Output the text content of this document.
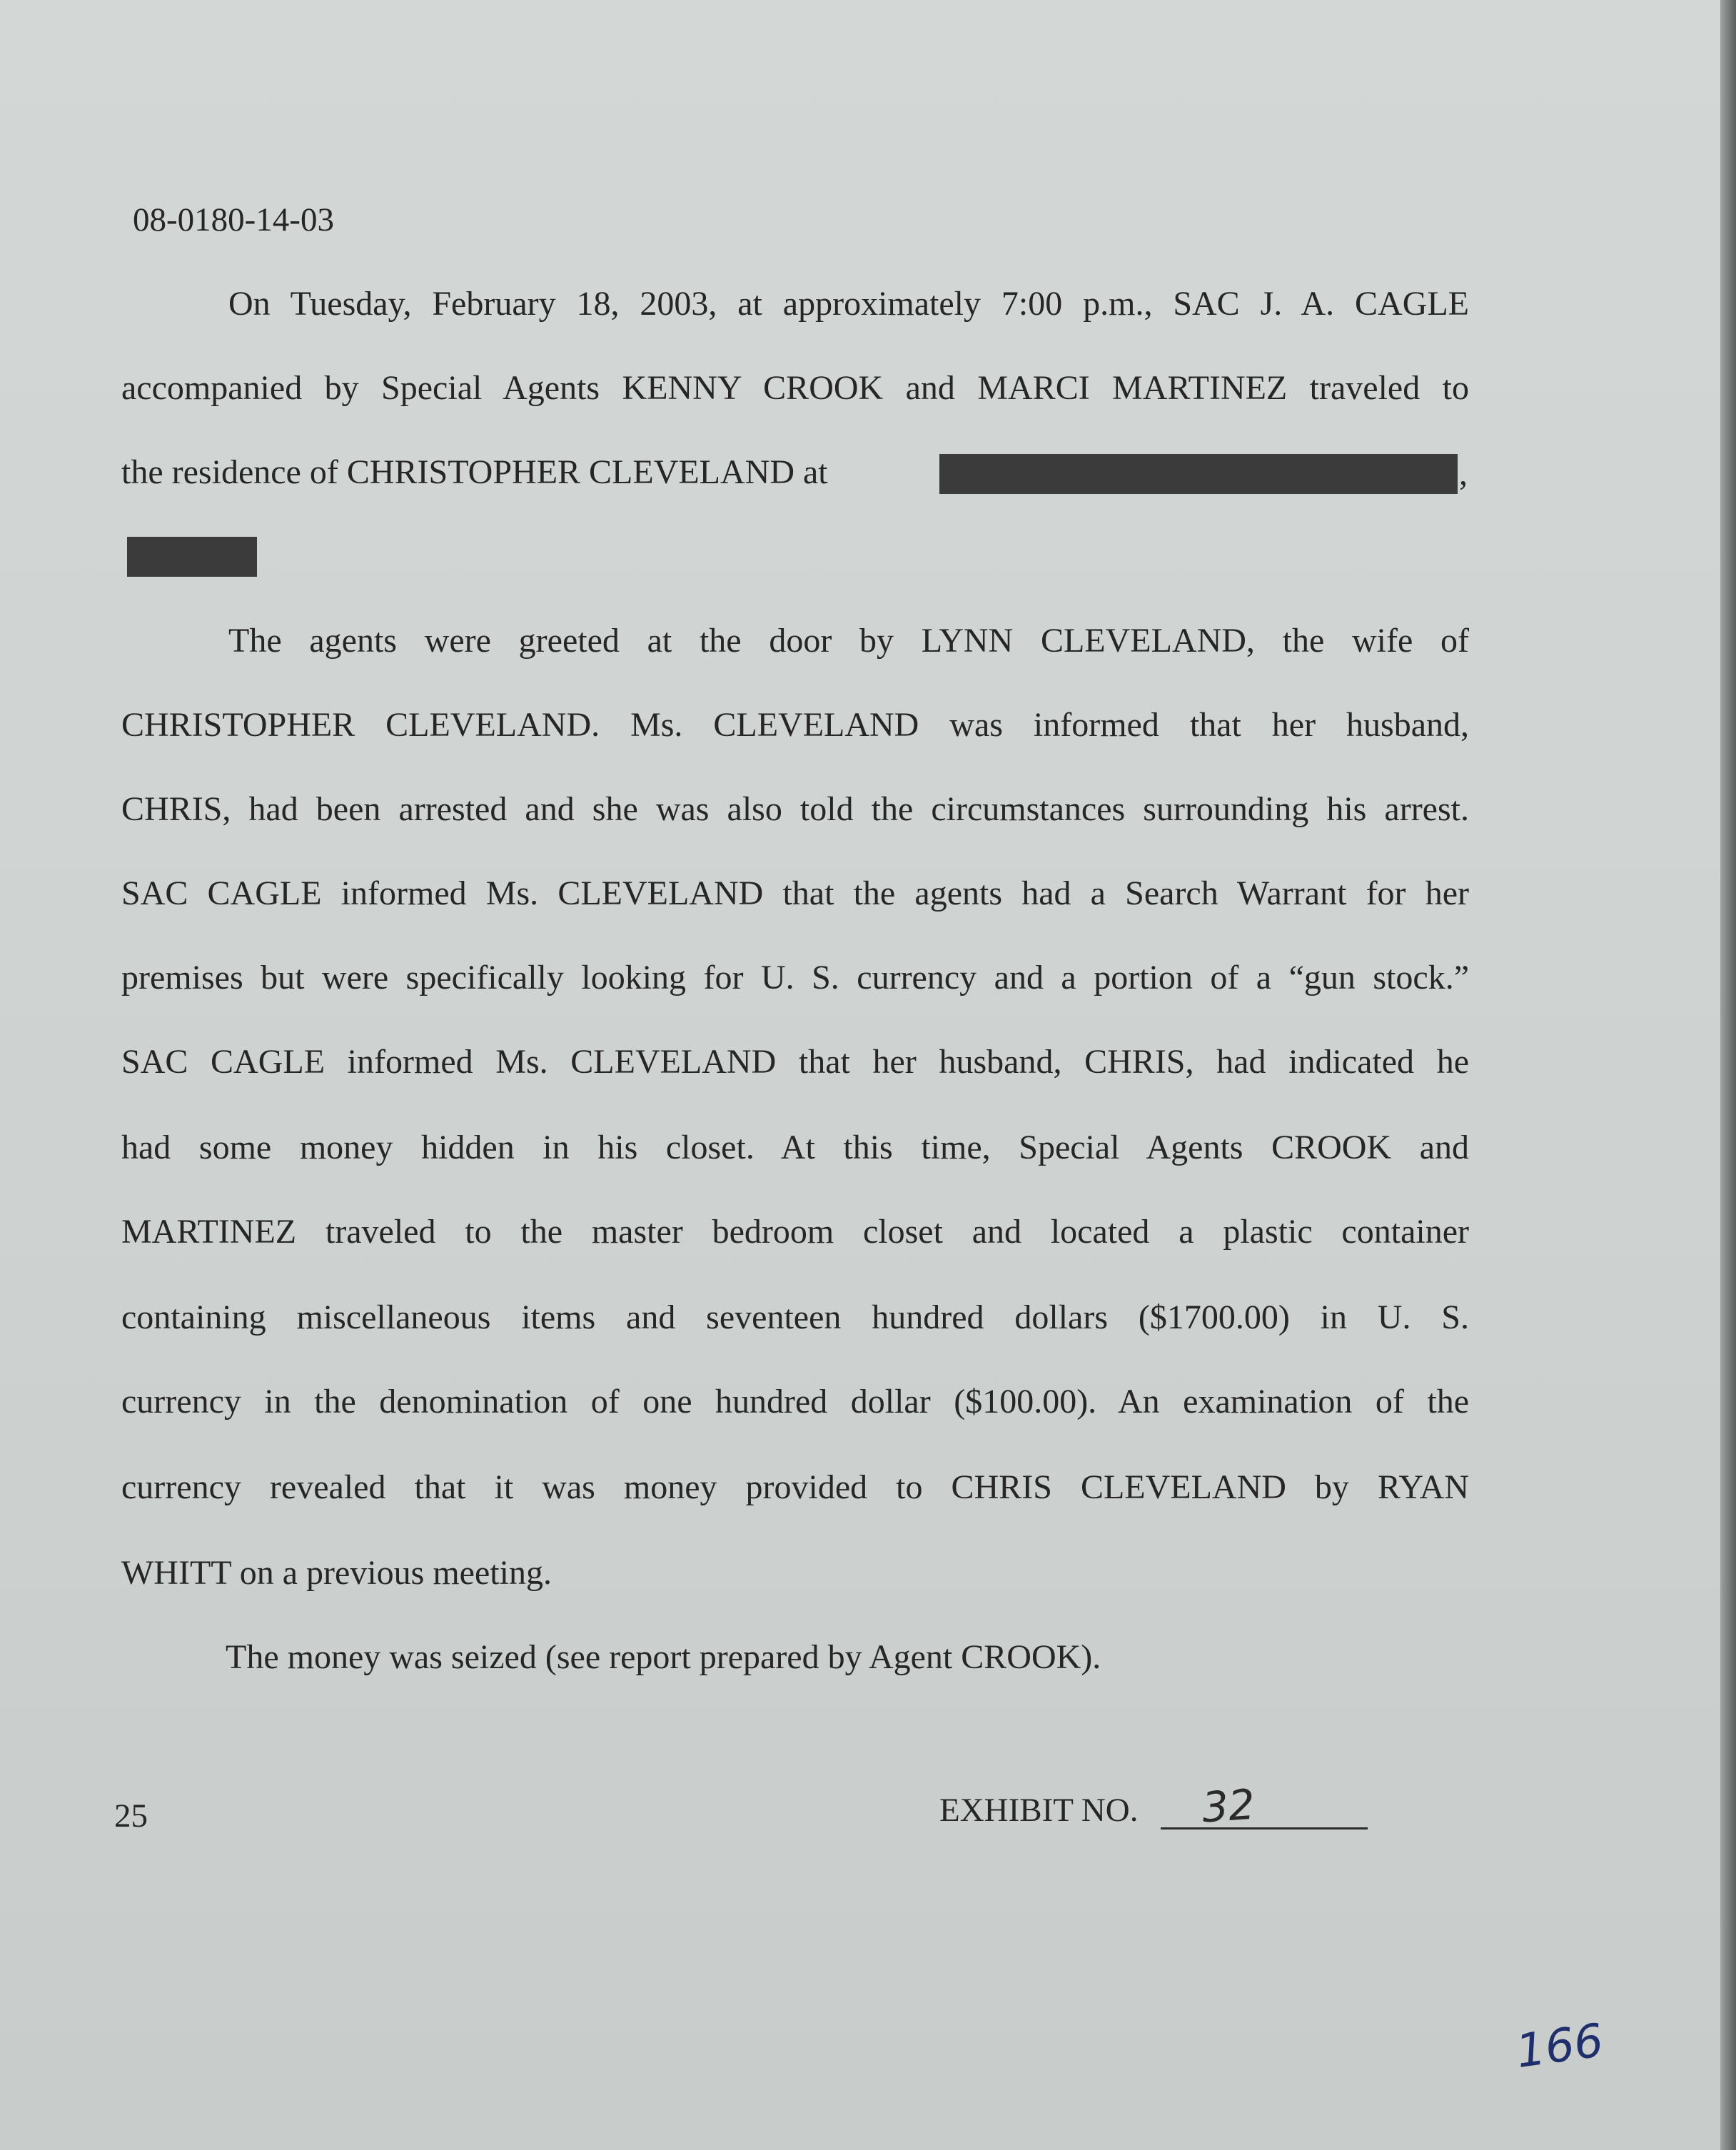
08-0180-14-03
On Tuesday, February 18, 2003, at approximately 7:00 p.m., SAC J. A. CAGLE
accompanied by Special Agents KENNY CROOK and MARCI MARTINEZ traveled to
the residence of CHRISTOPHER CLEVELAND at	,
The agents were greeted at the door by LYNN CLEVELAND, the wife of
CHRISTOPHER CLEVELAND. Ms. CLEVELAND was informed that her husband,
CHRIS, had been arrested and she was also told the circumstances surrounding his arrest.
SAC CAGLE informed Ms. CLEVELAND that the agents had a Search Warrant for her
premises but were specifically looking for U. S. currency and a portion of a “gun stock.”
SAC CAGLE informed Ms. CLEVELAND that her husband, CHRIS, had indicated he
had some money hidden in his closet. At this time, Special Agents CROOK and
MARTINEZ traveled to the master bedroom closet and located a plastic container
containing miscellaneous items and seventeen hundred dollars ($1700.00) in U. S.
currency in the denomination of one hundred dollar ($100.00). An examination of the
currency revealed that it was money provided to CHRIS CLEVELAND by RYAN
WHITT on a previous meeting.
The money was seized (see report prepared by Agent CROOK).
25	EXHIBIT NO. 32
166
